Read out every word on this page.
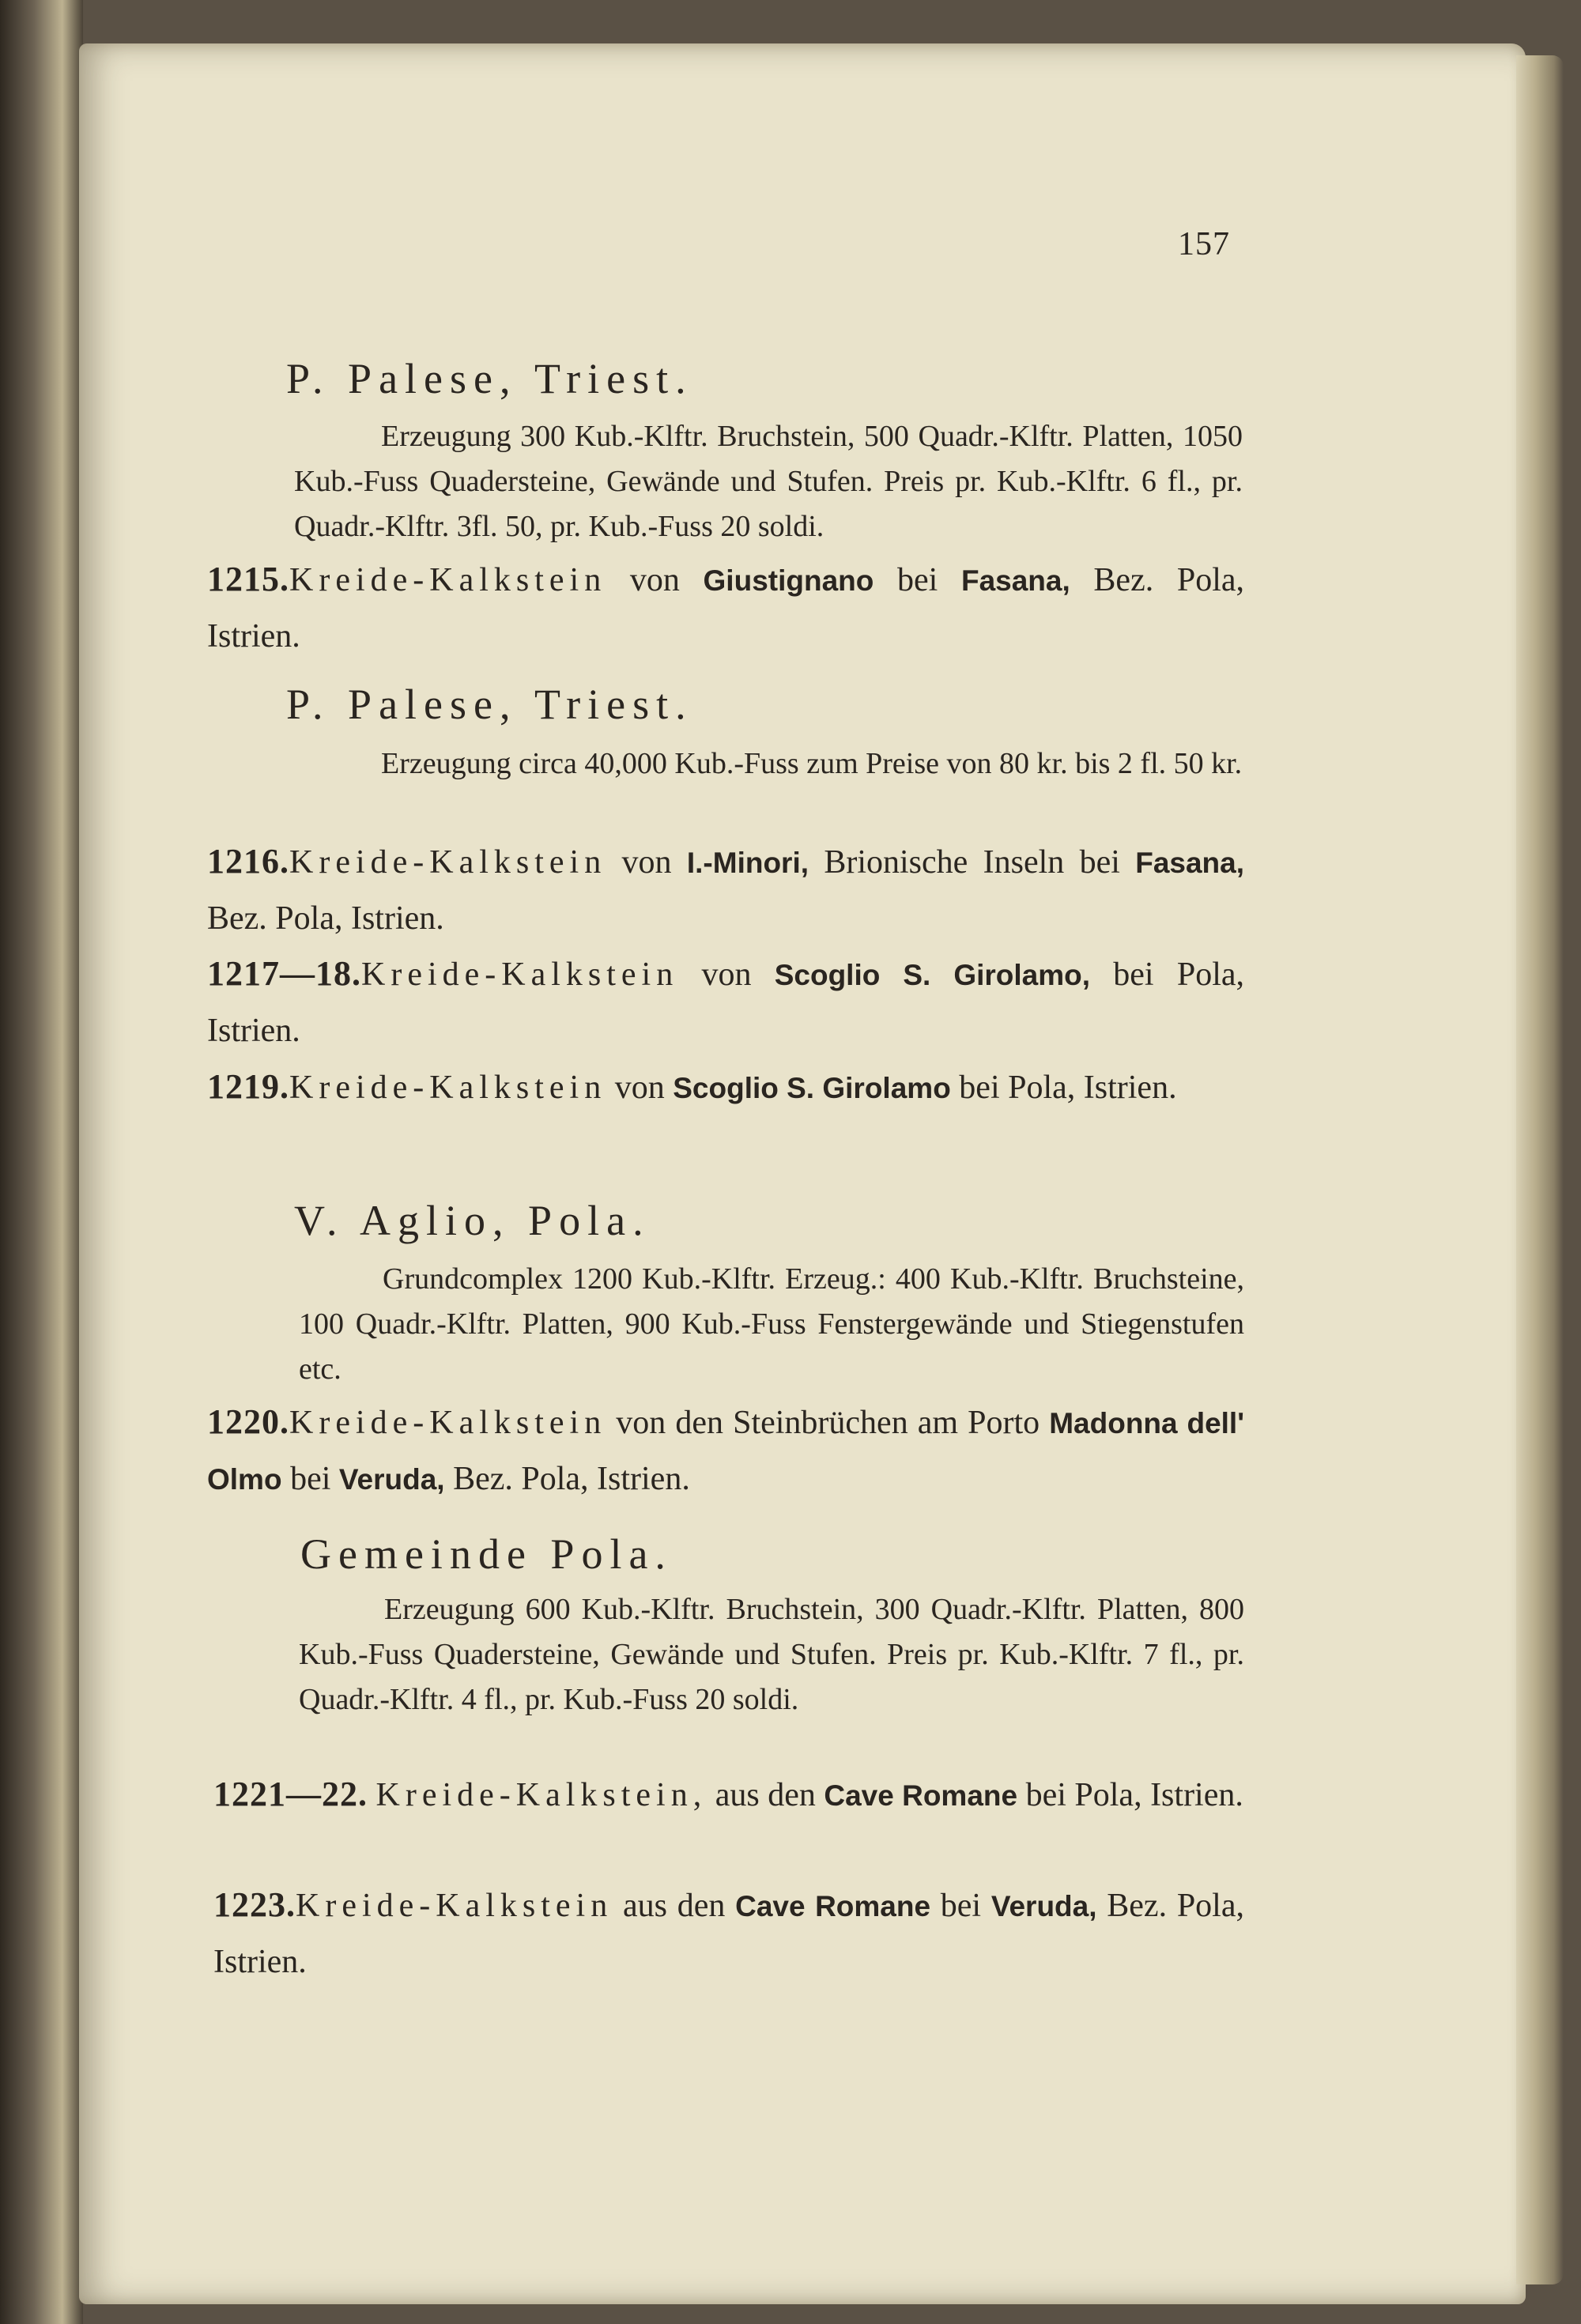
157
P. Palese, Triest.
Erzeugung 300 Kub.-Klftr. Bruchstein, 500 Quadr.-Klftr. Platten, 1050 Kub.-Fuss Quadersteine, Gewände und Stufen. Preis pr. Kub.-Klftr. 6 fl., pr. Quadr.-Klftr. 3fl. 50, pr. Kub.-Fuss 20 soldi.
1215.Kreide-Kalkstein von Giustignano bei Fasana, Bez. Pola, Istrien.
P. Palese, Triest.
Erzeugung circa 40,000 Kub.-Fuss zum Preise von 80 kr. bis 2 fl. 50 kr.
1216.Kreide-Kalkstein von I.-Minori, Brionische Inseln bei Fasana, Bez. Pola, Istrien.
1217—18.Kreide-Kalkstein von Scoglio S. Girolamo, bei Pola, Istrien.
1219.Kreide-Kalkstein von Scoglio S. Girolamo bei Pola, Istrien.
V. Aglio, Pola.
Grundcomplex 1200 Kub.-Klftr. Erzeug.: 400 Kub.-Klftr. Bruchsteine, 100 Quadr.-Klftr. Platten, 900 Kub.-Fuss Fenstergewände und Stiegenstufen etc.
1220.Kreide-Kalkstein von den Steinbrüchen am Porto Madonna dell' Olmo bei Veruda, Bez. Pola, Istrien.
Gemeinde Pola.
Erzeugung 600 Kub.-Klftr. Bruchstein, 300 Quadr.-Klftr. Platten, 800 Kub.-Fuss Quadersteine, Gewände und Stufen. Preis pr. Kub.-Klftr. 7 fl., pr. Quadr.-Klftr. 4 fl., pr. Kub.-Fuss 20 soldi.
1221—22. Kreide-Kalkstein, aus den Cave Romane bei Pola, Istrien.
1223.Kreide-Kalkstein aus den Cave Romane bei Veruda, Bez. Pola, Istrien.
